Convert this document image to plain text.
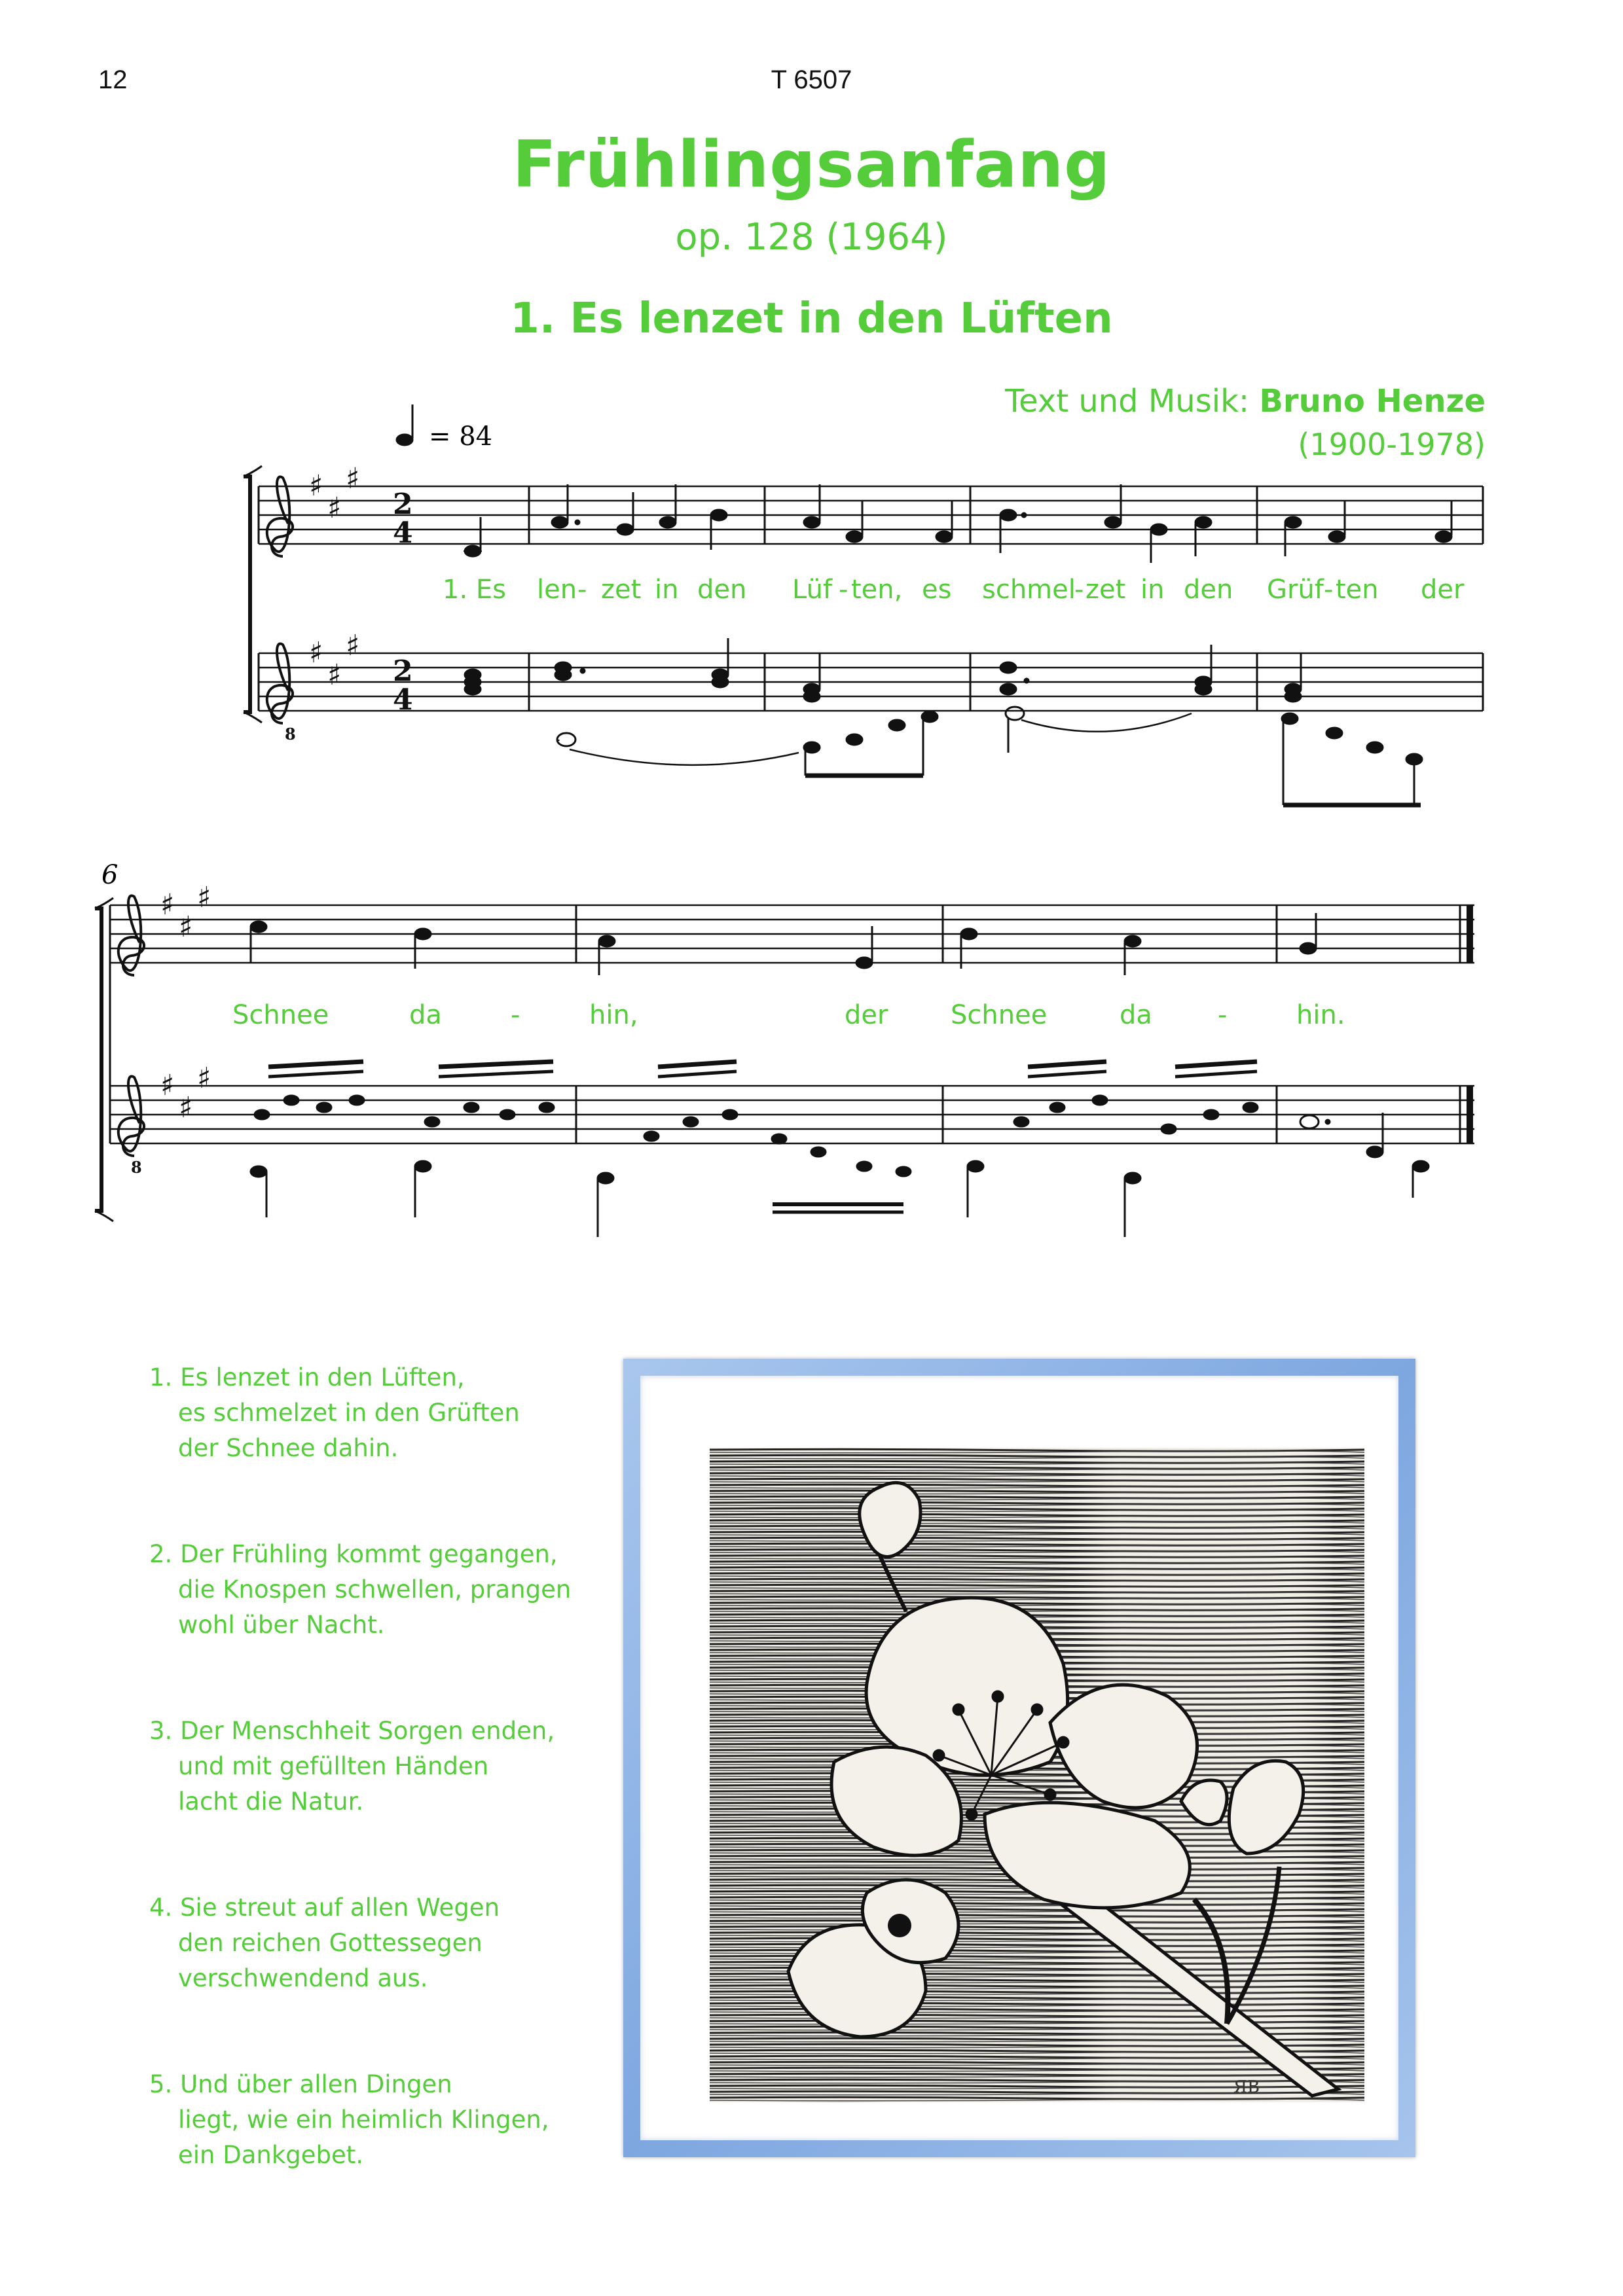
12	T 6507
Frühlingsanfang
op. 128 (1964)
1. Es lenzet in den Lüften
Text und Musik: Bruno Henze
(1900-1978)
♯
♯
♯
♯
♯
♯
2
4
2
4
8
♯
♯
♯
♯
♯
♯
8
= 84
6
1. Es len - zet in den Lüf - ten, es schmel
- zet in den Grüf - ten der
Schnee	da	-	hin,	der Schnee	da	-	hin.
1. Es lenzet in den Lüften,
es schmelzet in den Grüften
der Schnee dahin.
2. Der Frühling kommt gegangen,
die Knospen schwellen, prangen
wohl über Nacht.
3. Der Menschheit Sorgen enden,
und mit gefüllten Händen
lacht die Natur.
4. Sie streut auf allen Wegen
den reichen Gottessegen
verschwendend aus.
5. Und über allen Dingen
liegt, wie ein heimlich Klingen,
ein Dankgebet.
ЯB
